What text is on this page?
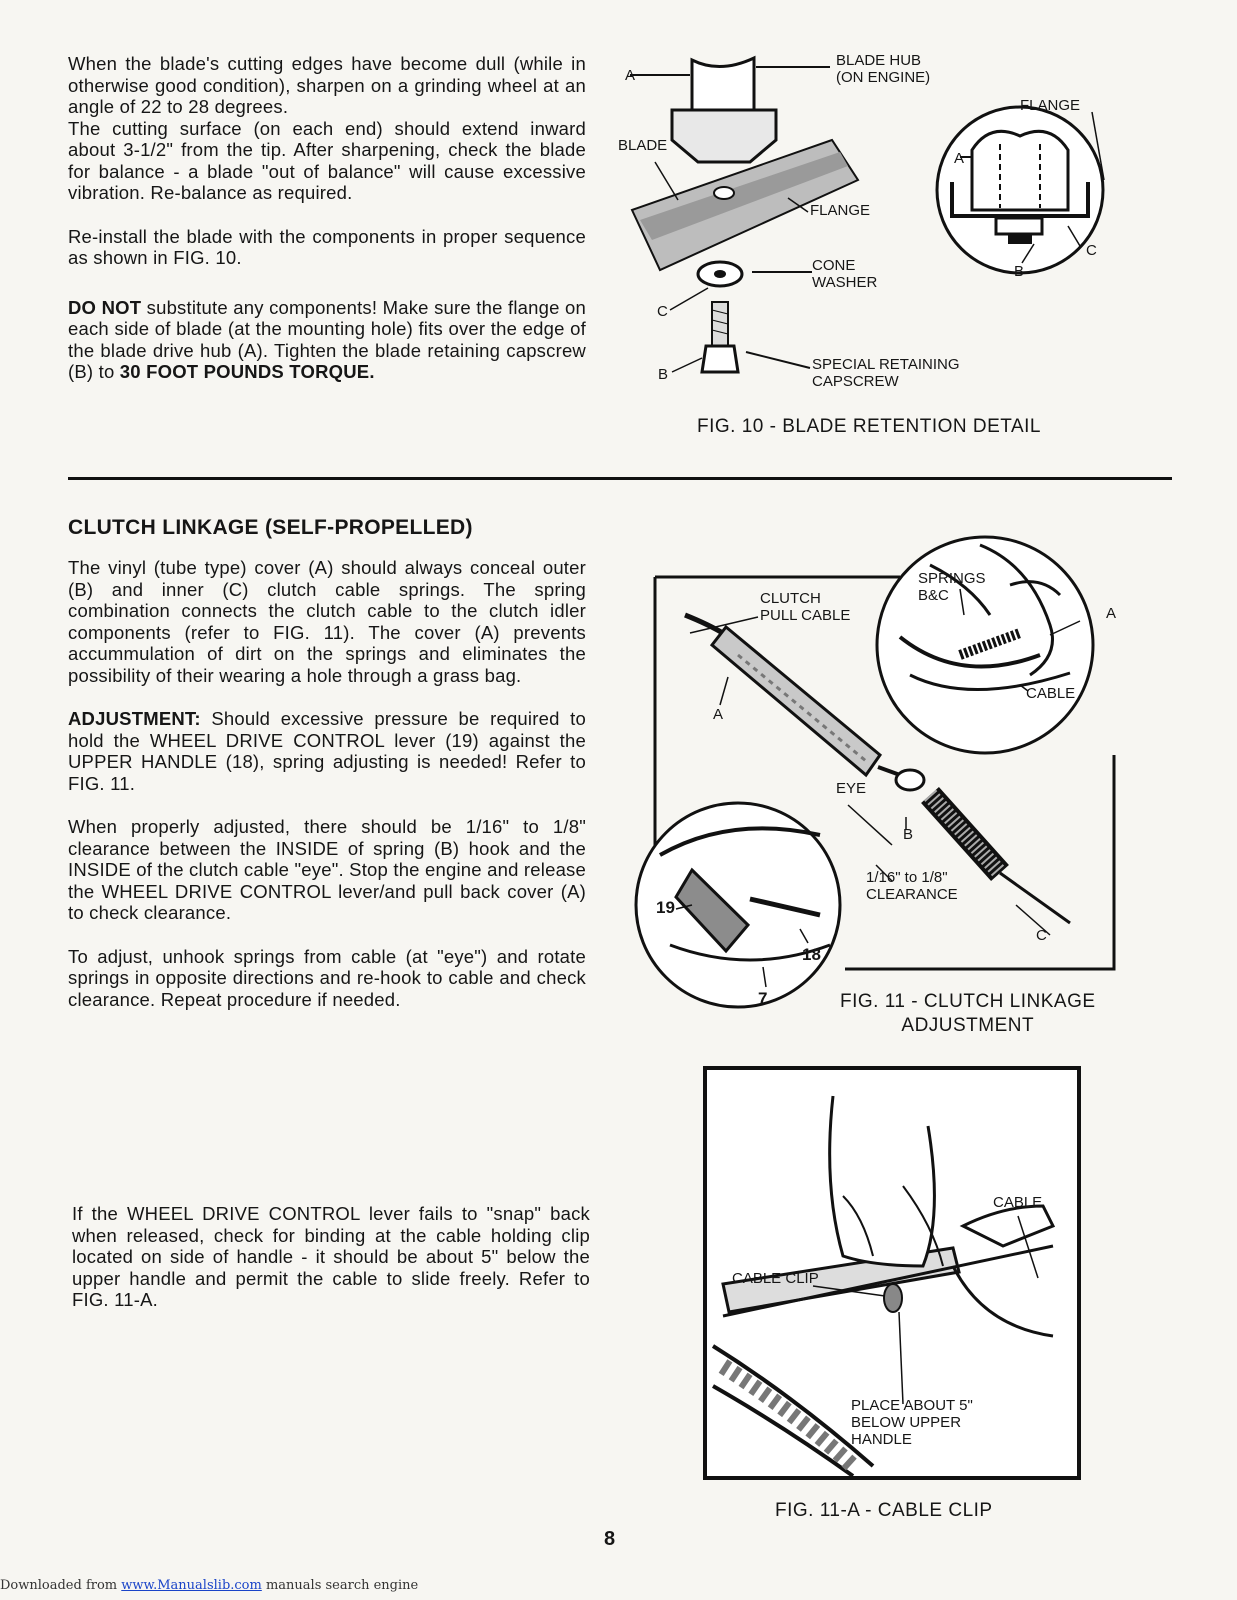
When the blade's cutting edges have become dull (while in otherwise good condition), sharpen on a grinding wheel at an angle of 22 to 28 degrees.

The cutting surface (on each end) should extend inward about 3-1/2" from the tip. After sharpening, check the blade for balance - a blade "out of balance" will cause excessive vibration. Re-balance as required.

Re-install the blade with the components in proper sequence as shown in FIG. 10.

DO NOT substitute any components! Make sure the flange on each side of blade (at the mounting hole) fits over the edge of the blade drive hub (A). Tighten the blade retaining capscrew (B) to 30 FOOT POUNDS TORQUE.

A
BLADE HUB
(ON ENGINE)
BLADE
FLANGE
CONE
WASHER
C
B
SPECIAL RETAINING
CAPSCREW
FLANGE
A
B
C
FIG. 10 - BLADE RETENTION DETAIL
CLUTCH LINKAGE (SELF-PROPELLED)

The vinyl (tube type) cover (A) should always conceal outer (B) and inner (C) clutch cable springs. The spring combination connects the clutch cable to the clutch idler components (refer to FIG. 11). The cover (A) prevents accummulation of dirt on the springs and eliminates the possibility of their wearing a hole through a grass bag.

ADJUSTMENT: Should excessive pressure be required to hold the WHEEL DRIVE CONTROL lever (19) against the UPPER HANDLE (18), spring adjusting is needed! Refer to FIG. 11.

When properly adjusted, there should be 1/16" to 1/8" clearance between the INSIDE of spring (B) hook and the INSIDE of the clutch cable "eye". Stop the engine and release the WHEEL DRIVE CONTROL lever/and pull back cover (A) to check clearance.

To adjust, unhook springs from cable (at "eye") and rotate springs in opposite directions and re-hook to cable and check clearance. Repeat procedure if needed.

If the WHEEL DRIVE CONTROL lever fails to "snap" back when released, check for binding at the cable holding clip located on side of handle - it should be about 5" below the upper handle and permit the cable to slide freely. Refer to FIG. 11-A.

CLUTCH
PULL CABLE
SPRINGS
B&C
A
CABLE
A
EYE
B
1/16" to 1/8"
CLEARANCE
C
19
18
7	FIG. 11 - CLUTCH LINKAGE
ADJUSTMENT
CABLE
CABLE CLIP
PLACE ABOUT 5"
BELOW UPPER
HANDLE
FIG. 11-A - CABLE CLIP
8
Downloaded from www.Manualslib.com manuals search engine
